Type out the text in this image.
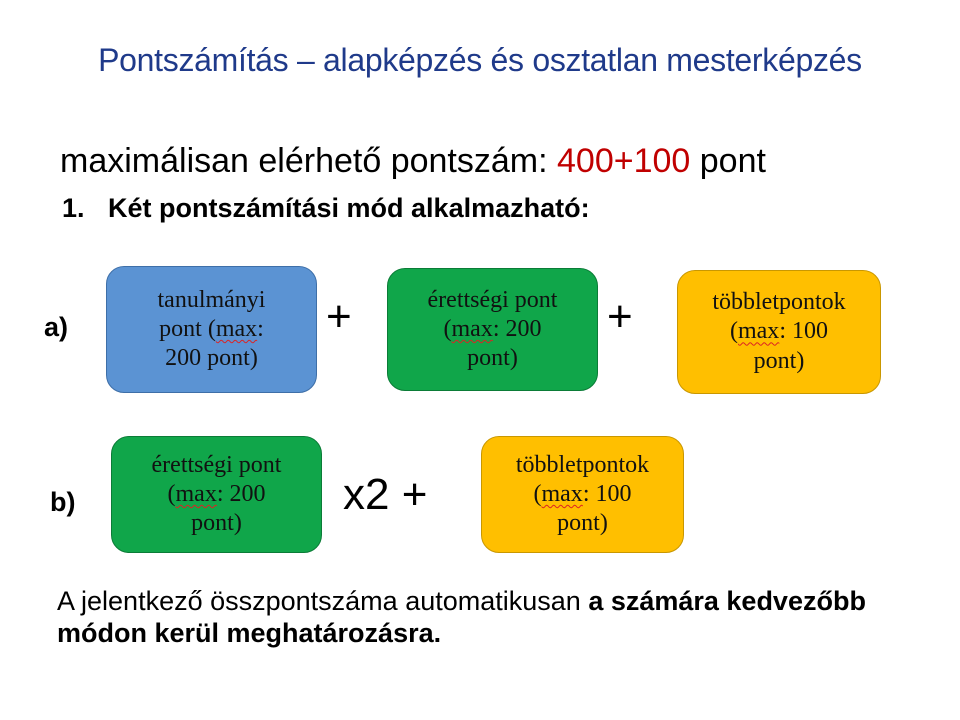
Pontszámítás – alapképzés és osztatlan mesterképzés
maximálisan elérhető pontszám: 400+100 pont
1. Két pontszámítási mód alkalmazható:
a)
tanulmányi
pont (max:
200 pont)
+	érettségi pont
(max: 200
pont)
+	többletpontok
(max: 100
pont)
b)
érettségi pont
(max: 200
pont)
x2 +
többletpontok
(max: 100
pont)
A jelentkező összpontszáma automatikusan a számára kedvezőbb módon kerül meghatározásra.
